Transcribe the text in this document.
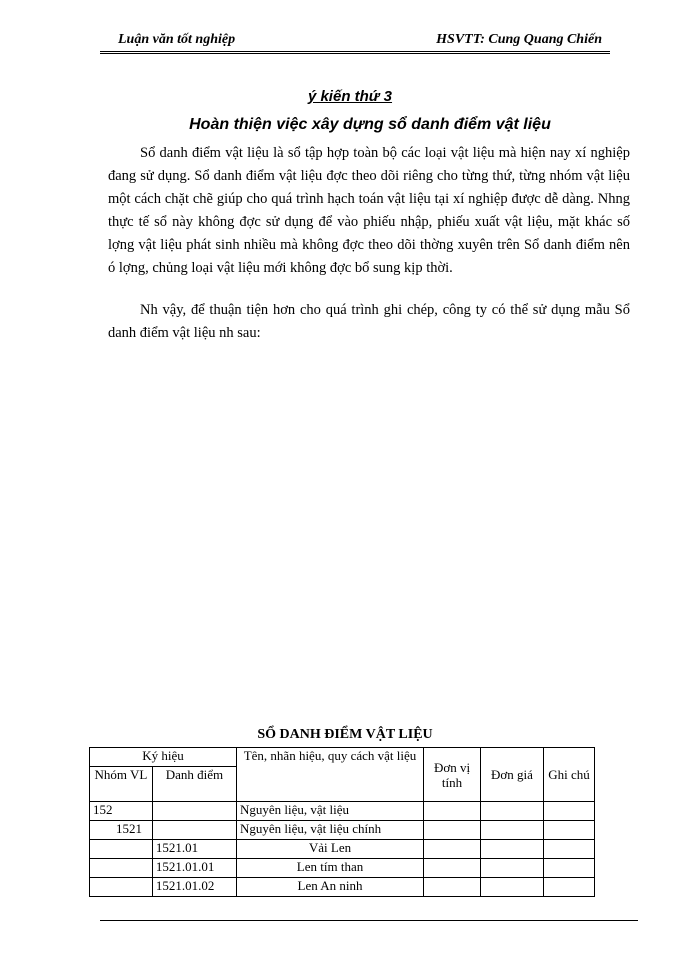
Luận văn tốt nghiệp	HSVTT: Cung Quang Chiến
ý kiến thứ 3
Hoàn thiện việc xây dựng sổ danh điểm vật liệu

Sổ danh điểm vật liệu là sổ tập hợp toàn bộ các loại vật liệu mà hiện nay xí nghiệp đang sử dụng. Sổ danh điểm vật liệu đợc theo dõi riêng cho từng thứ, từng nhóm vật liệu một cách chặt chẽ giúp cho quá trình hạch toán vật liệu tại xí nghiệp được dễ dàng. Nhng thực tế sổ này không đợc sử dụng để vào phiếu nhập, phiếu xuất vật liệu, mặt khác số lợng vật liệu phát sinh nhiều mà không đợc theo dõi thờng xuyên trên Sổ danh điểm nên ó lợng, chủng loại vật liệu mới không đợc bổ sung kịp thời.

Nh vậy, để thuận tiện hơn cho quá trình ghi chép, công ty có thể sử dụng mẫu Sổ danh điểm vật liệu nh sau:

SỔ DANH ĐIỂM VẬT LIỆU
Ký hiệu		Tên, nhãn hiệu, quy cách vật liệu	Đơn vị tính	Đơn giá	Ghi chú
Nhóm VL	Danh điểm				
152		Nguyên liệu, vật liệu			
1521		Nguyên liệu, vật liệu chính			
	1521.01	Vải Len			
	1521.01.01	Len tím than			
	1521.01.02	Len An ninh			
